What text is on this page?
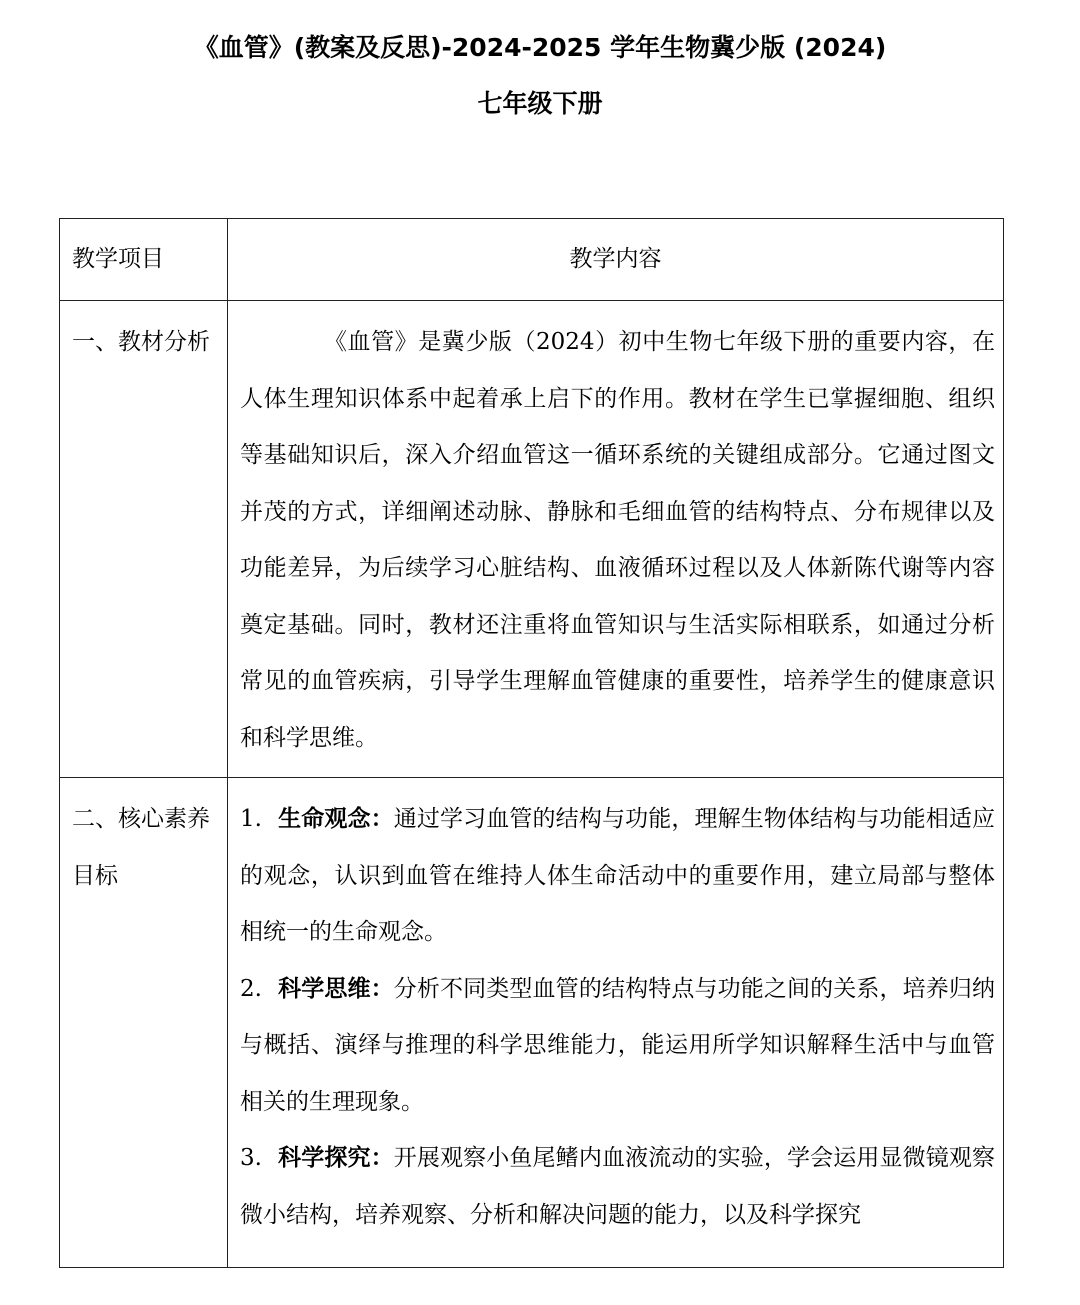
《血管》(教案及反思)-2024-2025 学年生物冀少版 (2024)
七年级下册
教学项目	教学内容
一、教材分析	《血管》是冀少版（2024）初中生物七年级下册的重要内容，在人体生理知识体系中起着承上启下的作用。教材在学生已掌握细胞、组织等基础知识后，深入介绍血管这一循环系统的关键组成部分。它通过图文并茂的方式，详细阐述动脉、静脉和毛细血管的结构特点、分布规律以及功能差异，为后续学习心脏结构、血液循环过程以及人体新陈代谢等内容奠定基础。同时，教材还注重将血管知识与生活实际相联系，如通过分析常见的血管疾病，引导学生理解血管健康的重要性，培养学生的健康意识和科学思维。

二、核心素养目标	1. 生命观念：通过学习血管的结构与功能，理解生物体结构与功能相适应的观念，认识到血管在维持人体生命活动中的重要作用，建立局部与整体相统一的生命观念。

2. 科学思维：分析不同类型血管的结构特点与功能之间的关系，培养归纳与概括、演绎与推理的科学思维能力，能运用所学知识解释生活中与血管相关的生理现象。

3. 科学探究：开展观察小鱼尾鳍内血液流动的实验，学会运用显微镜观察微小结构，培养观察、分析和解决问题的能力，以及科学探究
